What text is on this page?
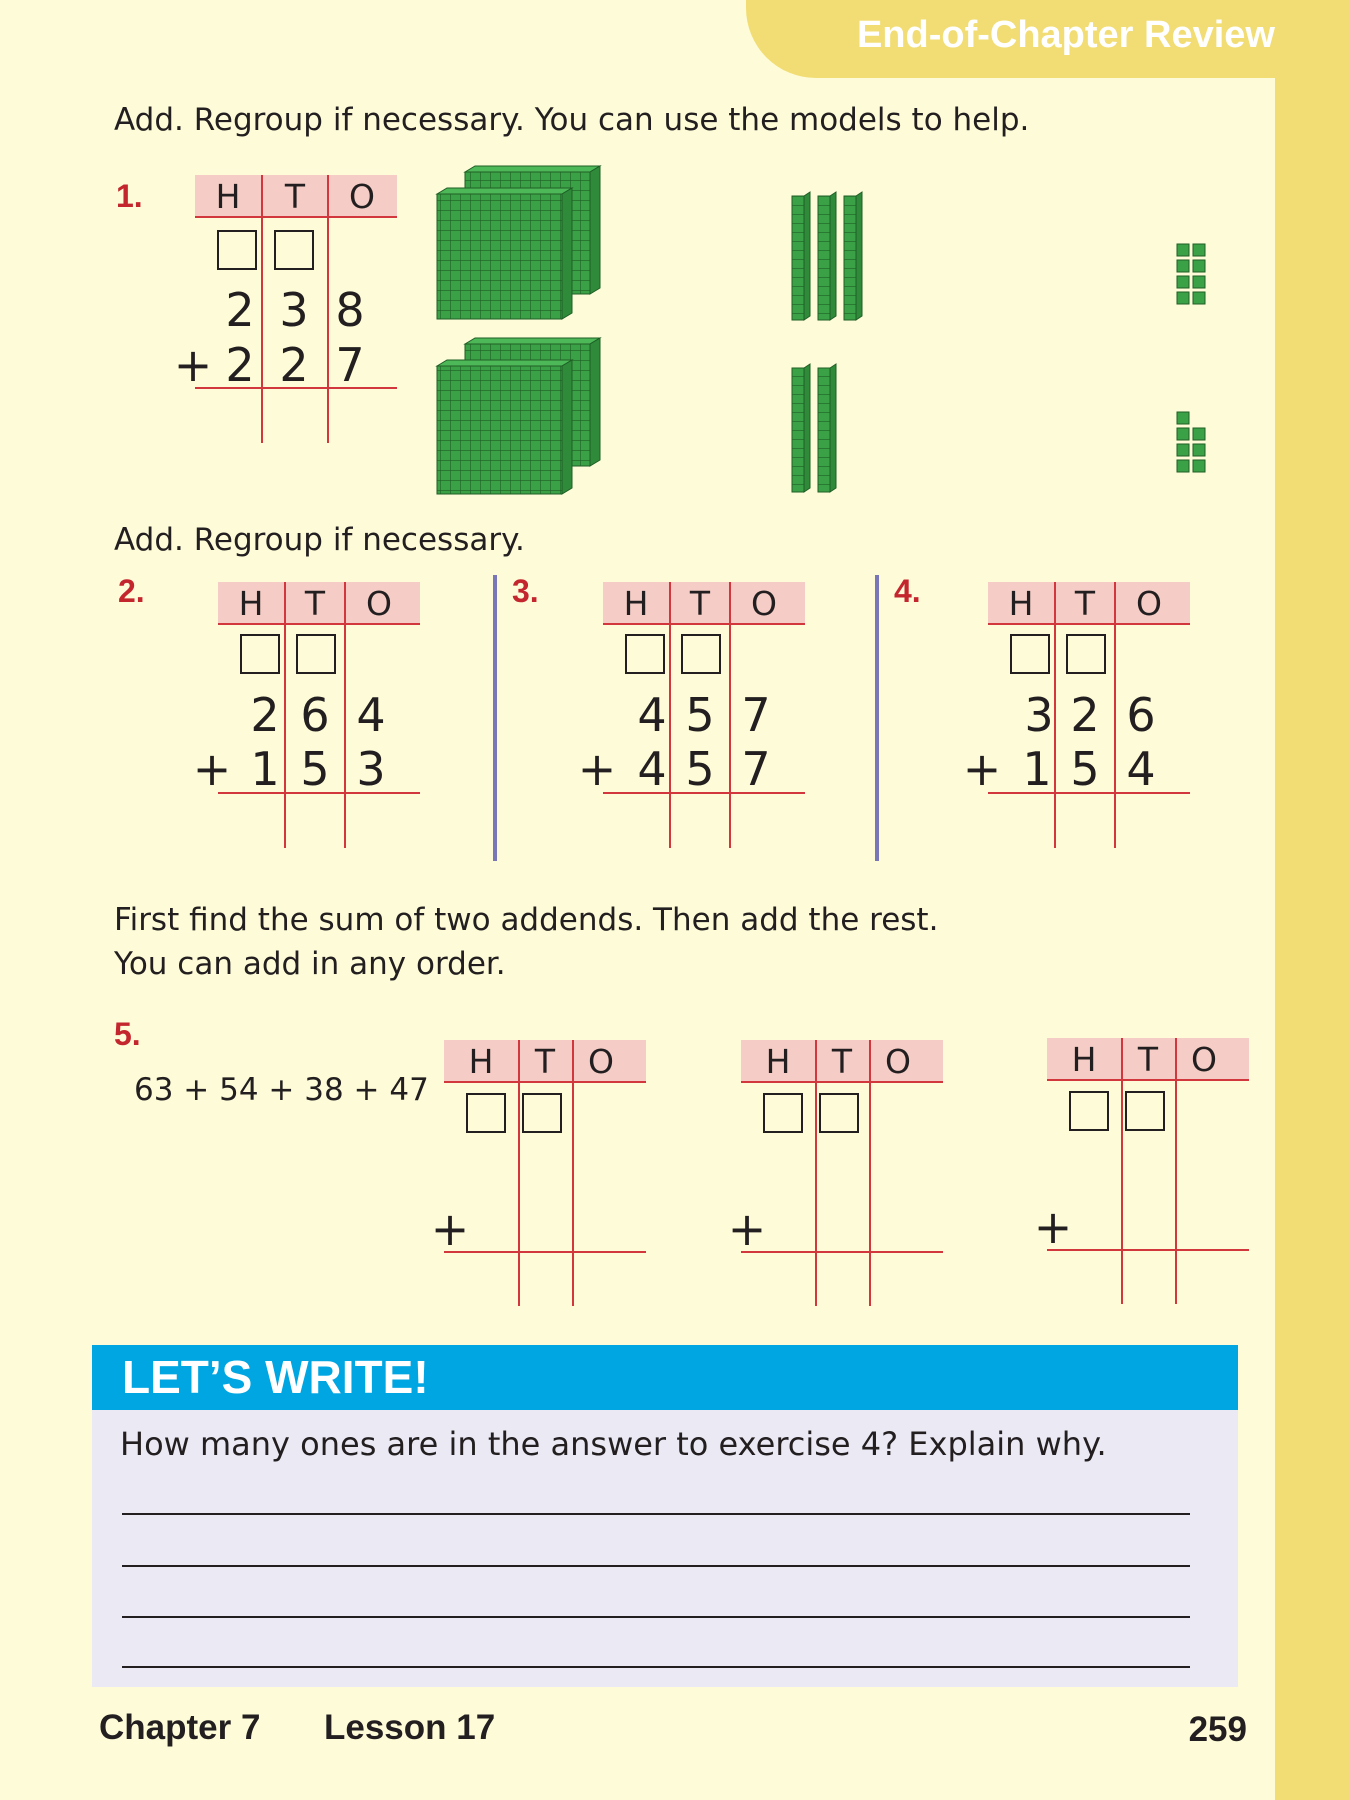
End-of-Chapter Review
Add. Regroup if necessary. You can use the models to help.
1.	H	T	O
2 3 8
+ 2 2 7
Add. Regroup if necessary.
2.	H	T	O
2 6 4
+ 1 5 3
3.	H	T	O
4 5 7
+ 4 5 7
4.	H	T	O
3 2 6
+ 1 5 4
First find the sum of two addends. Then add the rest.
You can add in any order.
5.
63 + 54 + 38 + 47
H	T O
+
H	T O
+
H	T O
+
LET’S WRITE!
How many ones are in the answer to exercise 4? Explain why.
Chapter 7 Lesson 17	259
